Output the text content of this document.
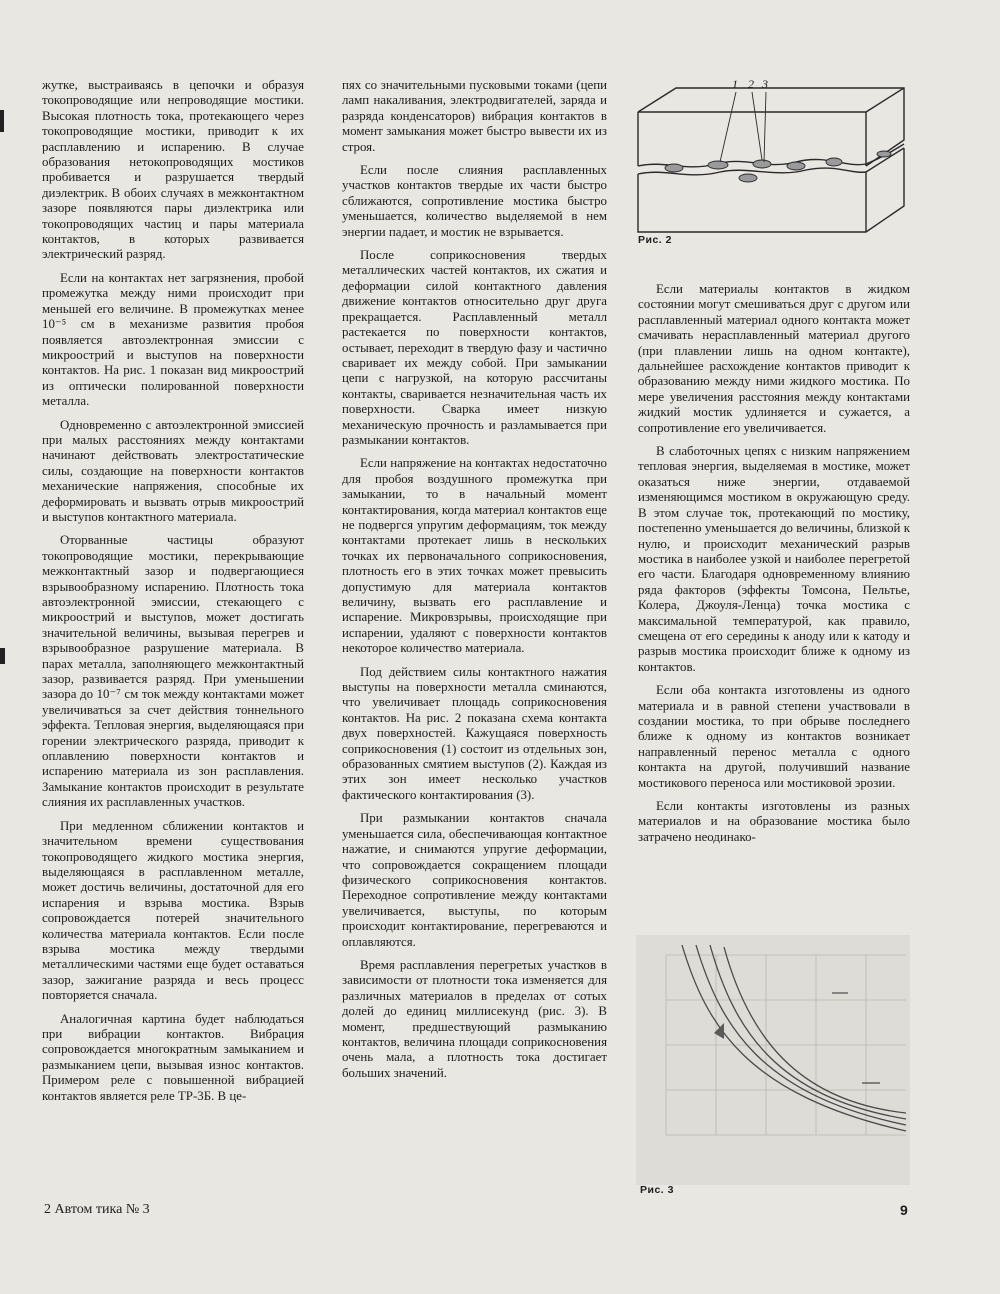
жутке, выстраиваясь в цепочки и образуя токопроводящие или непроводящие мостики. Высокая плотность тока, протекающего через токопроводящие мостики, приводит к их расплавлению и испарению. В случае образования нетокопроводящих мостиков пробивается и разрушается твердый диэлектрик. В обоих случаях в межконтактном зазоре появляются пары диэлектрика или токопроводящих частиц и пары материала контактов, в которых развивается электрический разряд.

Если на контактах нет загрязнения, пробой промежутка между ними происходит при меньшей его величине. В промежутках менее 10⁻⁵ см в механизме развития пробоя появляется автоэлектронная эмиссии с микроострий и выступов на поверхности контактов. На рис. 1 показан вид микроострий из оптически полированной поверхности металла.

Одновременно с автоэлектронной эмиссией при малых расстояниях между контактами начинают действовать электростатические силы, создающие на поверхности контактов механические напряжения, способные их деформировать и вызвать отрыв микроострий и выступов контактного материала.

Оторванные частицы образуют токопроводящие мостики, перекрывающие межконтактный зазор и подвергающиеся взрывообразному испарению. Плотность тока автоэлектронной эмиссии, стекающего с микроострий и выступов, может достигать значительной величины, вызывая перегрев и взрывообразное разрушение материала. В парах металла, заполняющего межконтактный зазор, развивается разряд. При уменьшении зазора до 10⁻⁷ см ток между контактами может увеличиваться за счет действия тоннельного эффекта. Тепловая энергия, выделяющаяся при горении электрического разряда, приводит к оплавлению поверхности контактов и испарению материала из зон расплавления. Замыкание контактов происходит в результате слияния их расплавленных участков.

При медленном сближении контактов и значительном времени существования токопроводящего жидкого мостика энергия, выделяющаяся в расплавленном металле, может достичь величины, достаточной для его испарения и взрыва мостика. Взрыв сопровождается потерей значительного количества материала контактов. Если после взрыва мостика между твердыми металлическими частями еще будет оставаться зазор, зажигание разряда и весь процесс повторяется сначала.

Аналогичная картина будет наблюдаться при вибрации контактов. Вибрация сопровождается многократным замыканием и размыканием цепи, вызывая износ контактов. Примером реле с повышенной вибрацией контактов является реле ТР-3Б. В це-

пях со значительными пусковыми токами (цепи ламп накаливания, электродвигателей, заряда и разряда конденсаторов) вибрация контактов в момент замыкания может быстро вывести их из строя.

Если после слияния расплавленных участков контактов твердые их части быстро сближаются, сопротивление мостика быстро уменьшается, количество выделяемой в нем энергии падает, и мостик не взрывается.

После соприкосновения твердых металлических частей контактов, их сжатия и деформации силой контактного давления движение контактов относительно друг друга прекращается. Расплавленный металл растекается по поверхности контактов, остывает, переходит в твердую фазу и частично сваривает их между собой. При замыкании цепи с нагрузкой, на которую рассчитаны контакты, сваривается незначительная часть их поверхности. Сварка имеет низкую механическую прочность и разламывается при размыкании контактов.

Если напряжение на контактах недостаточно для пробоя воздушного промежутка при замыкании, то в начальный момент контактирования, когда материал контактов еще не подвергся упругим деформациям, ток между контактами протекает лишь в нескольких точках их первоначального соприкосновения, плотность его в этих точках может превысить допустимую для материала контактов величину, вызвать его расплавление и испарение. Микровзрывы, происходящие при испарении, удаляют с поверхности контактов некоторое количество материала.

Под действием силы контактного нажатия выступы на поверхности металла сминаются, что увеличивает площадь соприкосновения контактов. На рис. 2 показана схема контакта двух поверхностей. Кажущаяся поверхность соприкосновения (1) состоит из отдельных зон, образованных смятием выступов (2). Каждая из этих зон имеет несколько участков фактического контактирования (3).

При размыкании контактов сначала уменьшается сила, обеспечивающая контактное нажатие, и снимаются упругие деформации, что сопровождается сокращением площади физического соприкосновения контактов. Переходное сопротивление между контактами увеличивается, выступы, по которым происходит контактирование, перегреваются и оплавляются.

Время расплавления перегретых участков в зависимости от плотности тока изменяется для различных материалов в пределах от сотых долей до единиц миллисекунд (рис. 3). В момент, предшествующий размыканию контактов, величина площади соприкосновения очень мала, а плотность тока достигает больших значений.

1 2 3
Рис. 2

Если материалы контактов в жидком состоянии могут смешиваться друг с другом или расплавленный материал одного контакта может смачивать нерасплавленный материал другого (при плавлении лишь на одном контакте), дальнейшее расхождение контактов приводит к образованию между ними жидкого мостика. По мере увеличения расстояния между контактами жидкий мостик удлиняется и сужается, а сопротивление его увеличивается.

В слаботочных цепях с низким напряжением тепловая энергия, выделяемая в мостике, может оказаться ниже энергии, отдаваемой изменяющимся мостиком в окружающую среду. В этом случае ток, протекающий по мостику, постепенно уменьшается до величины, близкой к нулю, и происходит механический разрыв мостика в наиболее узкой и наиболее перегретой его части. Благодаря одновременному влиянию ряда факторов (эффекты Томсона, Пельтье, Колера, Джоуля-Ленца) точка мостика с максимальной температурой, как правило, смещена от его середины к аноду или к катоду и разрыв мостика происходит ближе к одному из контактов.

Если оба контакта изготовлены из одного материала и в равной степени участвовали в создании мостика, то при обрыве последнего ближе к одному из контактов возникает направленный перенос металла с одного контакта на другой, получивший название мостикового переноса или мостиковой эрозии.

Если контакты изготовлены из разных материалов и на образование мостика было затрачено неодинако-

Рис. 3
2 Автом тика № 3	9
